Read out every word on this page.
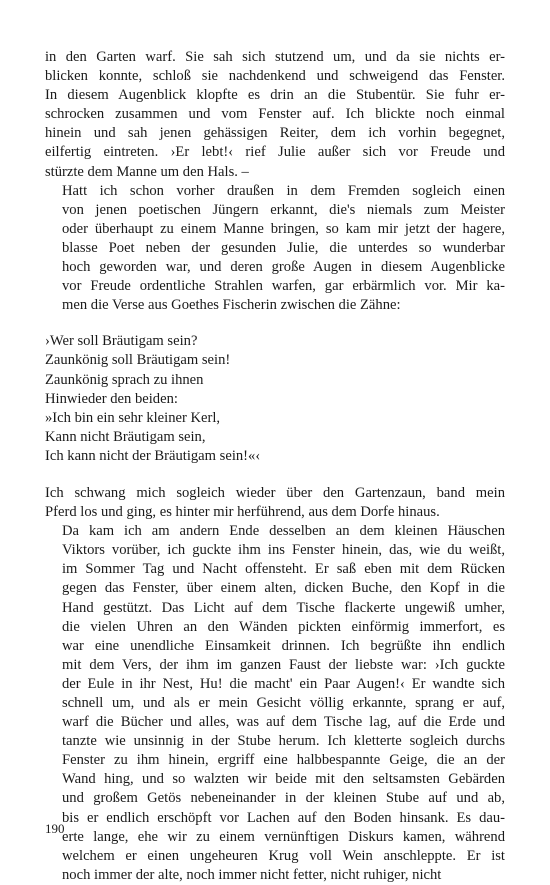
in den Garten warf. Sie sah sich stutzend um, und da sie nichts er-
blicken konnte, schloß sie nachdenkend und schweigend das Fenster.
In diesem Augenblick klopfte es drin an die Stubentür. Sie fuhr er-
schrocken zusammen und vom Fenster auf. Ich blickte noch einmal
hinein und sah jenen gehässigen Reiter, dem ich vorhin begegnet,
eilfertig eintreten. ›Er lebt!‹ rief Julie außer sich vor Freude und
stürzte dem Manne um den Hals. –
Hatt ich schon vorher draußen in dem Fremden sogleich einen
von jenen poetischen Jüngern erkannt, die's niemals zum Meister
oder überhaupt zu einem Manne bringen, so kam mir jetzt der hagere,
blasse Poet neben der gesunden Julie, die unterdes so wunderbar
hoch geworden war, und deren große Augen in diesem Augenblicke
vor Freude ordentliche Strahlen warfen, gar erbärmlich vor. Mir ka-
men die Verse aus Goethes Fischerin zwischen die Zähne:
›Wer soll Bräutigam sein?
Zaunkönig soll Bräutigam sein!
Zaunkönig sprach zu ihnen
Hinwieder den beiden:
»Ich bin ein sehr kleiner Kerl,
Kann nicht Bräutigam sein,
Ich kann nicht der Bräutigam sein!«‹
Ich schwang mich sogleich wieder über den Gartenzaun, band mein
Pferd los und ging, es hinter mir herführend, aus dem Dorfe hinaus.
Da kam ich am andern Ende desselben an dem kleinen Häuschen
Viktors vorüber, ich guckte ihm ins Fenster hinein, das, wie du weißt,
im Sommer Tag und Nacht offensteht. Er saß eben mit dem Rücken
gegen das Fenster, über einem alten, dicken Buche, den Kopf in die
Hand gestützt. Das Licht auf dem Tische flackerte ungewiß umher,
die vielen Uhren an den Wänden pickten einförmig immerfort, es
war eine unendliche Einsamkeit drinnen. Ich begrüßte ihn endlich
mit dem Vers, der ihm im ganzen Faust der liebste war: ›Ich guckte
der Eule in ihr Nest, Hu! die macht' ein Paar Augen!‹ Er wandte sich
schnell um, und als er mein Gesicht völlig erkannte, sprang er auf,
warf die Bücher und alles, was auf dem Tische lag, auf die Erde und
tanzte wie unsinnig in der Stube herum. Ich kletterte sogleich durchs
Fenster zu ihm hinein, ergriff eine halbbespannte Geige, die an der
Wand hing, und so walzten wir beide mit den seltsamsten Gebärden
und großem Getös nebeneinander in der kleinen Stube auf und ab,
bis er endlich erschöpft vor Lachen auf den Boden hinsank. Es dau-
erte lange, ehe wir zu einem vernünftigen Diskurs kamen, während
welchem er einen ungeheuren Krug voll Wein anschleppte. Er ist
noch immer der alte, noch immer nicht fetter, nicht ruhiger, nicht
190
